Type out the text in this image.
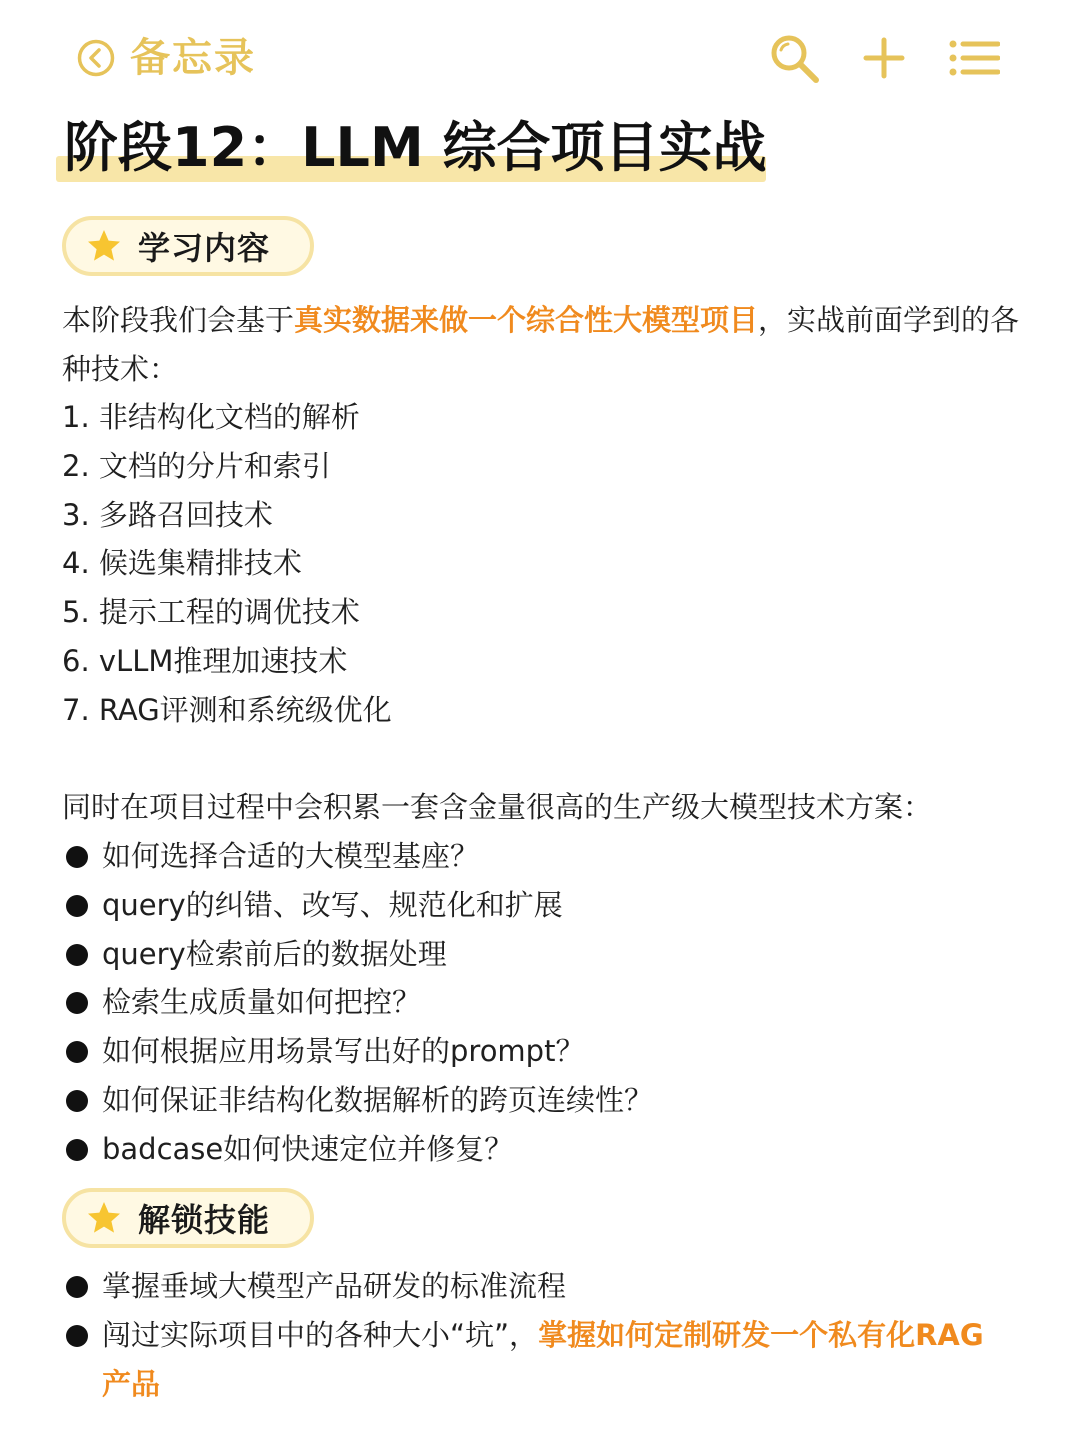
备忘录
阶段12：LLM 综合项目实战
学习内容
本阶段我们会基于真实数据来做一个综合性大模型项目，实战前面学到的各种技术：
1. 非结构化文档的解析
2. 文档的分片和索引
3. 多路召回技术
4. 候选集精排技术
5. 提示工程的调优技术
6. vLLM推理加速技术
7. RAG评测和系统级优化
同时在项目过程中会积累一套含金量很高的生产级大模型技术方案：
如何选择合适的大模型基座？
query的纠错、改写、规范化和扩展
query检索前后的数据处理
检索生成质量如何把控？
如何根据应用场景写出好的prompt？
如何保证非结构化数据解析的跨页连续性？
badcase如何快速定位并修复？
解锁技能
掌握垂域大模型产品研发的标准流程
闯过实际项目中的各种大小“坑”，掌握如何定制研发一个私有化RAG产品
